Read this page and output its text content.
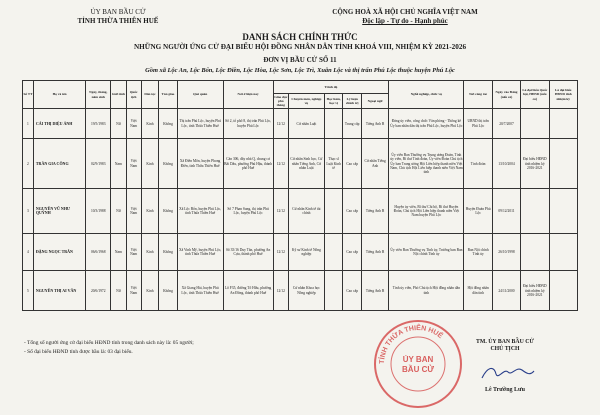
ỦY BAN BẦU CỬ
TỈNH THỪA THIÊN HUẾ
CỘNG HOÀ XÃ HỘI CHỦ NGHĨA VIỆT NAM
Độc lập - Tự do - Hạnh phúc
DANH SÁCH CHÍNH THỨC
NHỮNG NGƯỜI ỨNG CỬ ĐẠI BIỂU HỘI ĐỒNG NHÂN DÂN TỈNH KHOÁ VIII, NHIỆM KỲ 2021-2026
ĐƠN VỊ BẦU CỬ SỐ 11
Gồm xã Lộc An, Lộc Bổn, Lộc Điền, Lộc Hòa, Lộc Sơn, Lộc Trì, Xuân Lộc và thị trấn Phú Lộc thuộc huyện Phú Lộc
Số TT	Họ và tên	Ngày, tháng, năm sinh	Giới tính	Quốc tịch	Dân tộc	Tôn giáo	Quê quán	Nơi ở hiện nay	Trình độ					Nghề nghiệp, chức vụ	Nơi công tác	Ngày vào Đảng (nếu có)	Là đại biểu Quốc hội, HĐND (nếu có)	Là đại biểu HĐND tỉnh nhiệm kỳ
									Giáo dục phổ thông	Chuyên môn, nghiệp vụ	Học hàm, học vị	Lý luận chính trị	Ngoại ngữ					
1	CÁI THỊ DIỆU ÁNH	19/5/1983	Nữ	Việt Nam	Kinh	Không	Thị trấn Phú Lộc, huyện Phú Lộc, tỉnh Thừa Thiên Huế	Số 2, tổ phố 8, thị trấn Phú Lộc, huyện Phú Lộc	12/12	Cử nhân Luật		Trung cấp	Tiếng Anh B	Đảng ủy viên, công chức Văn phòng - Thống kê Ủy ban nhân dân thị trấn Phú Lộc, huyện Phú Lộc	UBND thị trấn Phú Lộc	20/7/2007		
2	TRẦN GIA CÔNG	02/9/1983	Nam	Việt Nam	Kinh	Không	Xã Điền Môn, huyện Phong Điền, tỉnh Thừa Thiên Huế	Căn 306, dãy nhà Q, chung cư Bãi Dâu, phường Phú Hậu, thành phố Huế	12/12	Cử nhân Sinh học, Cử nhân Tiếng Anh, Cử nhân Luật	Thạc sĩ Luật Kinh tế	Cao cấp	Cử nhân Tiếng Anh	Ủy viên Ban Thường vụ Trung ương Đoàn, Tỉnh ủy viên, Bí thư Tỉnh đoàn, Ủy viên Đoàn Chủ tịch Ủy ban Trung ương Hội Liên hiệp thanh niên Việt Nam, Chủ tịch Hội Liên hiệp thanh niên Việt Nam tỉnh	Tỉnh đoàn	13/10/2004	Đại biểu HĐND tỉnh nhiệm kỳ 2016-2021	
3	NGUYỄN VŨ NHƯ QUỲNH	10/3/1988	Nữ	Việt Nam	Kinh	Không	Xã Lộc Bổn, huyện Phú Lộc, tỉnh Thừa Thiên Huế	Số 7 Phan Sung, thị trấn Phú Lộc, huyện Phú Lộc	12/12	Cử nhân Kinh tế tài chính		Cao cấp	Tiếng Anh B	Huyện ủy viên, Bí thư Chi bộ, Bí thư Huyện Đoàn, Chủ tịch Hội Liên hiệp thanh niên Việt Nam huyện Phú Lộc	Huyện Đoàn Phú Lộc	09/12/2011		
4	ĐẶNG NGỌC TRÂN	06/6/1968	Nam	Việt Nam	Kinh	Không	Xã Vinh Mỹ, huyện Phú Lộc, tỉnh Thừa Thiên Huế	Số 35/16 Duy Tân, phường An Cựu, thành phố Huế	12/12	Kỹ sư Kinh tế Nông nghiệp		Cao cấp	Tiếng Anh B	Ủy viên Ban Thường vụ Tỉnh ủy, Trưởng ban Ban Nội chính Tỉnh ủy	Ban Nội chính Tỉnh ủy	26/10/1998		
5	NGUYỄN THỊ AI VÂN	20/6/1972	Nữ	Việt Nam	Kinh	Không	Xã Giang Hải, huyện Phú Lộc, tỉnh Thừa Thiên Huế	Lô F35, đường Tố Hữu, phường An Đông, thành phố Huế	12/12	Cử nhân Khoa học Nông nghiệp		Cao cấp	Tiếng Anh B	Tỉnh ủy viên, Phó Chủ tịch Hội đồng nhân dân tỉnh	Hội đồng nhân dân tỉnh	24/11/2000	Đại biểu HĐND tỉnh nhiệm kỳ 2016-2021	
- Tổng số người ứng cử đại biểu HĐND tỉnh trong danh sách này là: 05 người;
- Số đại biểu HĐND tỉnh được bầu là: 03 đại biểu.
TỈNH THỪA THIÊN HUẾ
ỦY BAN
BẦU CỬ
TM. ỦY BAN BẦU CỬ
CHỦ TỊCH
Lê Trường Lưu
